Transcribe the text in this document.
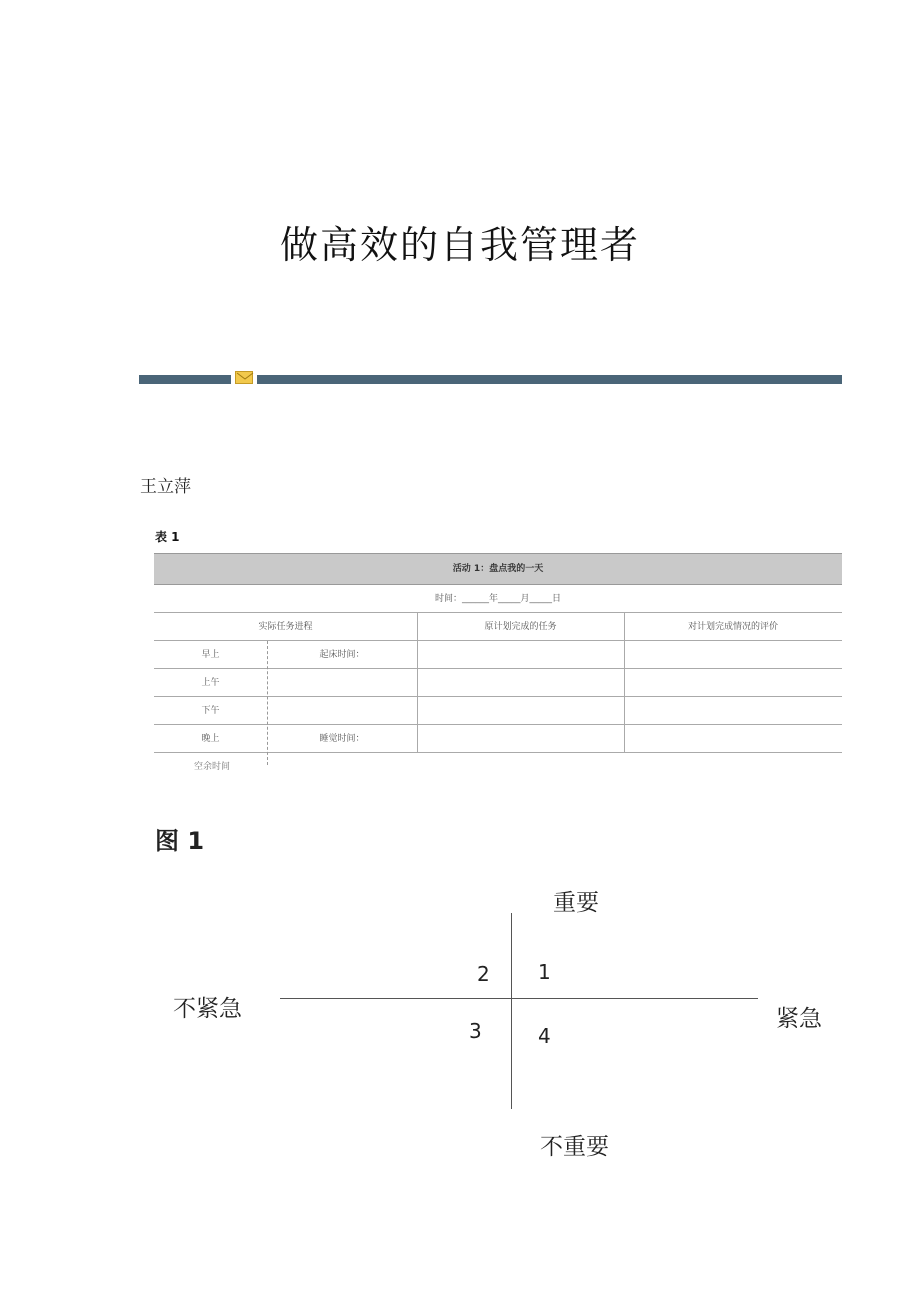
做高效的自我管理者
王立萍
表 1
活动 1：盘点我的一天
时间：______年_____月_____日
实际任务进程	原计划完成的任务	对计划完成情况的评价
早上	起床时间：
上午
下午
晚上	睡觉时间：
空余时间
图 1
重要
不重要
不紧急	紧急
2 1
3	4
